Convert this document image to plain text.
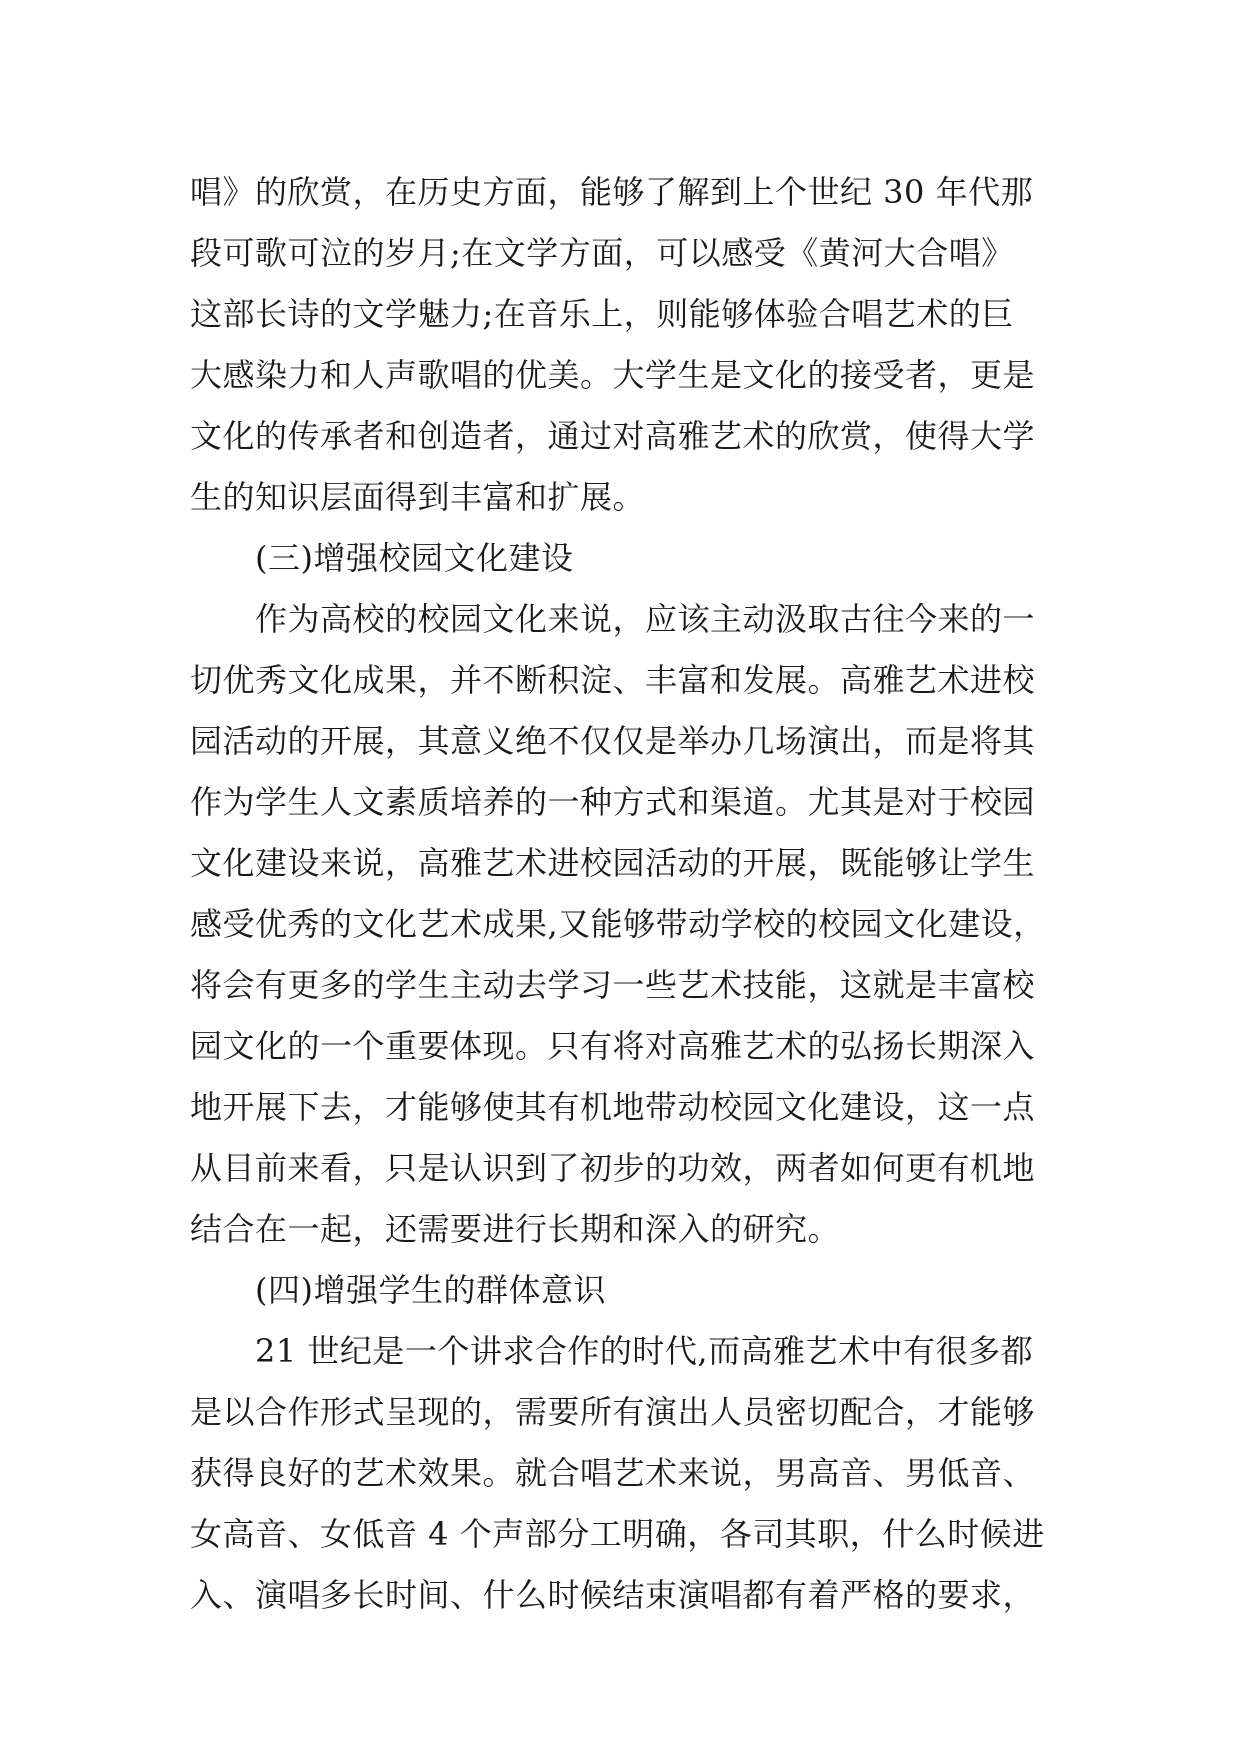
唱》的欣赏，在历史方面，能够了解到上个世纪 30 年代那
段可歌可泣的岁月;在文学方面，可以感受《黄河大合唱》
这部长诗的文学魅力;在音乐上，则能够体验合唱艺术的巨
大感染力和人声歌唱的优美。大学生是文化的接受者，更是
文化的传承者和创造者，通过对高雅艺术的欣赏，使得大学
生的知识层面得到丰富和扩展。
(三)增强校园文化建设
作为高校的校园文化来说，应该主动汲取古往今来的一
切优秀文化成果，并不断积淀、丰富和发展。高雅艺术进校
园活动的开展，其意义绝不仅仅是举办几场演出，而是将其
作为学生人文素质培养的一种方式和渠道。尤其是对于校园
文化建设来说，高雅艺术进校园活动的开展，既能够让学生
感受优秀的文化艺术成果,又能够带动学校的校园文化建设，
将会有更多的学生主动去学习一些艺术技能，这就是丰富校
园文化的一个重要体现。只有将对高雅艺术的弘扬长期深入
地开展下去，才能够使其有机地带动校园文化建设，这一点
从目前来看，只是认识到了初步的功效，两者如何更有机地
结合在一起，还需要进行长期和深入的研究。
(四)增强学生的群体意识
21 世纪是一个讲求合作的时代,而高雅艺术中有很多都
是以合作形式呈现的，需要所有演出人员密切配合，才能够
获得良好的艺术效果。就合唱艺术来说，男高音、男低音、
女高音、女低音 4 个声部分工明确，各司其职，什么时候进
入、演唱多长时间、什么时候结束演唱都有着严格的要求，
